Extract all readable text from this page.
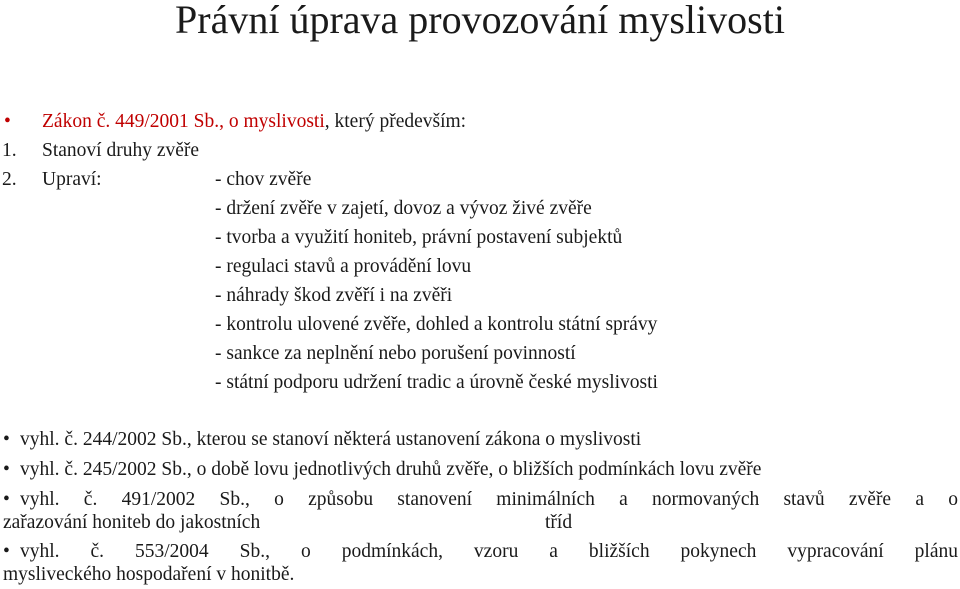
Právní úprava provozování myslivosti
• Zákon č. 449/2001 Sb., o myslivosti, který především:
1. Stanoví druhy zvěře
2. Upraví:	- chov zvěře
- držení zvěře v zajetí, dovoz a vývoz živé zvěře
- tvorba a využití honiteb, právní postavení subjektů
- regulaci stavů a provádění lovu
- náhrady škod zvěří i na zvěři
- kontrolu ulovené zvěře, dohled a kontrolu státní správy
- sankce za neplnění nebo porušení povinností
- státní podporu udržení tradic a úrovně české myslivosti
• vyhl. č. 244/2002 Sb., kterou se stanoví některá ustanovení zákona o myslivosti
• vyhl. č. 245/2002 Sb., o době lovu jednotlivých druhů zvěře, o bližších podmínkách lovu zvěře
• vyhl. č. 491/2002 Sb., o způsobu stanovení minimálních a normovaných stavů zvěře a o
zařazování honiteb do jakostních	tříd
• vyhl. č. 553/2004 Sb., o podmínkách, vzoru a bližších pokynech vypracování plánu
mysliveckého hospodaření v honitbě.
